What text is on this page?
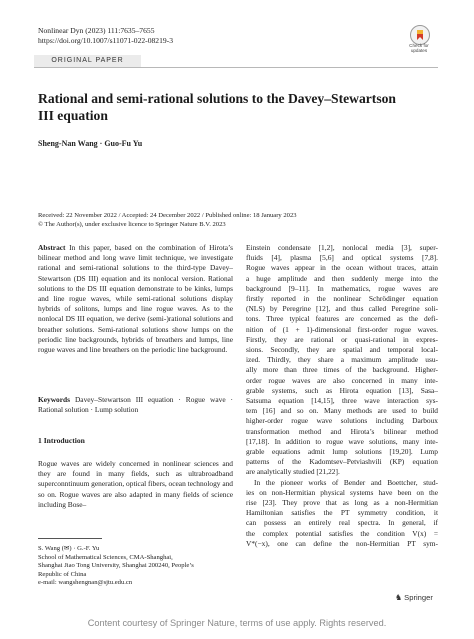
Nonlinear Dyn (2023) 111:7635–7655
https://doi.org/10.1007/s11071-022-08219-3
Check for
updates
ORIGINAL PAPER
Rational and semi-rational solutions to the Davey–Stewartson III equation
Sheng-Nan Wang · Guo-Fu Yu
Received: 22 November 2022 / Accepted: 24 December 2022 / Published online: 18 January 2023
© The Author(s), under exclusive licence to Springer Nature B.V. 2023
Abstract In this paper, based on the combination of Hirota’s bilinear method and long wave limit technique, we investigate rational and semi-rational solutions to the third-type Davey–Stewartson (DS III) equation and its nonlocal version. Rational solutions to the DS III equation demonstrate to be kinks, lumps and line rogue waves, while semi-rational solutions display hybrids of solitons, lumps and line rogue waves. As to the nonlocal DS III equation, we derive (semi-)rational solutions and breather solutions. Semi-rational solutions show lumps on the periodic line backgrounds, hybrids of breathers and lumps, line rogue waves and line breathers on the periodic line background.
Keywords Davey–Stewartson III equation · Rogue wave · Rational solution · Lump solution
1 Introduction
Rogue waves are widely concerned in nonlinear sciences and they are found in many fields, such as ultrabroadband superconntinuum generation, optical fibers, ocean technology and so on. Rogue waves are also adapted in many fields of science including Bose–
S. Wang (✉) · G.-F. Yu
School of Mathematical Sciences, CMA-Shanghai,
Shanghai Jiao Tong University, Shanghai 200240, People’s
Republic of China
e-mail: wangshengnan@sjtu.edu.cn
Einstein condensate [1,2], nonlocal media [3], super-
fluids [4], plasma [5,6] and optical systems [7,8].
Rogue waves appear in the ocean without traces, attain
a huge amplitude and then suddenly merge into the
background [9–11]. In mathematics, rogue waves are
firstly reported in the nonlinear Schrödinger equation
(NLS) by Peregrine [12], and thus called Peregrine soli-
tons. Three typical features are concerned as the defi-
nition of (1 + 1)-dimensional first-order rogue waves.
Firstly, they are rational or quasi-rational in expres-
sions. Secondly, they are spatial and temporal local-
ized. Thirdly, they share a maximum amplitude usu-
ally more than three times of the background. Higher-
order rogue waves are also concerned in many inte-
grable systems, such as Hirota equation [13], Sasa–
Satsuma equation [14,15], three wave interaction sys-
tem [16] and so on. Many methods are used to build
higher-order rogue wave solutions including Darboux
transformation method and Hirota’s bilinear method
[17,18]. In addition to rogue wave solutions, many inte-
grable equations admit lump solutions [19,20]. Lump
patterns of the Kadomtsev–Petviashvili (KP) equation
are analytically studied [21,22].
In the pioneer works of Bender and Boettcher, stud-
ies on non-Hermitian physical systems have been on the
rise [23]. They prove that as long as a non-Hermitian
Hamiltonian satisfies the PT symmetry condition, it
can possess an entirely real spectra. In general, if
the complex potential satisfies the condition V(x) =
V*(−x), one can define the non-Hermitian PT sym-
♞ Springer
Content courtesy of Springer Nature, terms of use apply. Rights reserved.
